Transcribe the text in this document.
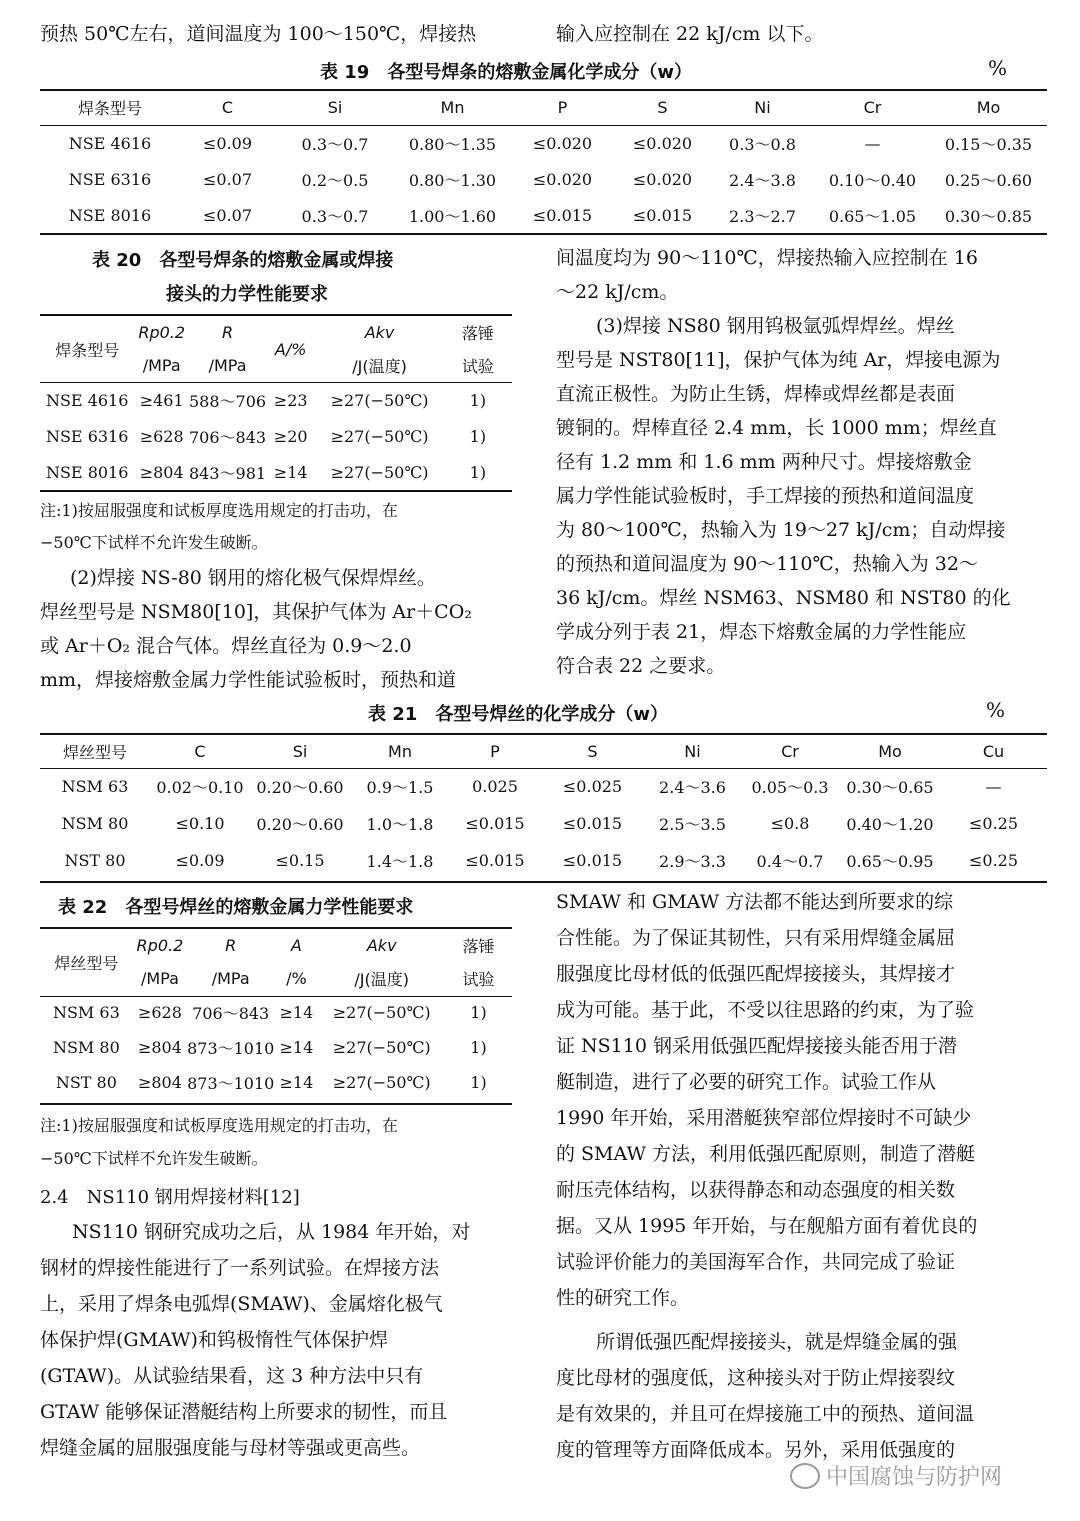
预热 50℃左右，道间温度为 100～150℃，焊接热	输入应控制在 22 kJ/cm 以下。
表 19　各型号焊条的熔敷金属化学成分（w）	%
焊条型号	C	Si	Mn	P	S	Ni	Cr	Mo
NSE 4616	≤0.09	0.3～0.7	0.80～1.35	≤0.020	≤0.020	0.3～0.8	—	0.15～0.35
NSE 6316	≤0.07	0.2～0.5	0.80～1.30	≤0.020	≤0.020	2.4～3.8	0.10～0.40	0.25～0.60
NSE 8016	≤0.07	0.3～0.7	1.00～1.60	≤0.015	≤0.015	2.3～2.7	0.65～1.05	0.30～0.85
表 20　各型号焊条的熔敷金属或焊接
接头的力学性能要求
焊条型号	Rp0.2	R	A/%	Akv	落锤
	/MPa	/MPa		/J(温度)	试验
NSE 4616	≥461	588～706	≥23	≥27(−50℃)	1)
NSE 6316	≥628	706～843	≥20	≥27(−50℃)	1)
NSE 8016	≥804	843～981	≥14	≥27(−50℃)	1)
注:1)按屈服强度和试板厚度选用规定的打击功，在
−50℃下试样不允许发生破断。
(2)焊接 NS-80 钢用的熔化极气保焊焊丝。
焊丝型号是 NSM80[10]，其保护气体为 Ar＋CO₂
或 Ar＋O₂ 混合气体。焊丝直径为 0.9～2.0
mm，焊接熔敷金属力学性能试验板时，预热和道
间温度均为 90～110℃，焊接热输入应控制在 16
～22 kJ/cm。
(3)焊接 NS80 钢用钨极氩弧焊焊丝。焊丝
型号是 NST80[11]，保护气体为纯 Ar，焊接电源为
直流正极性。为防止生锈，焊棒或焊丝都是表面
镀铜的。焊棒直径 2.4 mm，长 1000 mm；焊丝直
径有 1.2 mm 和 1.6 mm 两种尺寸。焊接熔敷金
属力学性能试验板时，手工焊接的预热和道间温度
为 80～100℃，热输入为 19～27 kJ/cm；自动焊接
的预热和道间温度为 90～110℃，热输入为 32～
36 kJ/cm。焊丝 NSM63、NSM80 和 NST80 的化
学成分列于表 21，焊态下熔敷金属的力学性能应
符合表 22 之要求。
表 21　各型号焊丝的化学成分（w）	%
焊丝型号	C	Si	Mn	P	S	Ni	Cr	Mo	Cu
NSM 63	0.02～0.10	0.20～0.60	0.9～1.5	0.025	≤0.025	2.4～3.6	0.05～0.3	0.30～0.65	—
NSM 80	≤0.10	0.20～0.60	1.0～1.8	≤0.015	≤0.015	2.5～3.5	≤0.8	0.40～1.20	≤0.25
NST 80	≤0.09	≤0.15	1.4～1.8	≤0.015	≤0.015	2.9～3.3	0.4～0.7	0.65～0.95	≤0.25
表 22　各型号焊丝的熔敷金属力学性能要求
焊丝型号	Rp0.2	R	A	Akv	落锤
	/MPa	/MPa	/%	/J(温度)	试验
NSM 63	≥628	706～843	≥14	≥27(−50℃)	1)
NSM 80	≥804	873～1010	≥14	≥27(−50℃)	1)
NST 80	≥804	873～1010	≥14	≥27(−50℃)	1)
注:1)按屈服强度和试板厚度选用规定的打击功，在
−50℃下试样不允许发生破断。
2.4　NS110 钢用焊接材料[12]
NS110 钢研究成功之后，从 1984 年开始，对
钢材的焊接性能进行了一系列试验。在焊接方法
上，采用了焊条电弧焊(SMAW)、金属熔化极气
体保护焊(GMAW)和钨极惰性气体保护焊
(GTAW)。从试验结果看，这 3 种方法中只有
GTAW 能够保证潜艇结构上所要求的韧性，而且
焊缝金属的屈服强度能与母材等强或更高些。
SMAW 和 GMAW 方法都不能达到所要求的综
合性能。为了保证其韧性，只有采用焊缝金属屈
服强度比母材低的低强匹配焊接接头，其焊接才
成为可能。基于此，不受以往思路的约束，为了验
证 NS110 钢采用低强匹配焊接接头能否用于潜
艇制造，进行了必要的研究工作。试验工作从
1990 年开始，采用潜艇狭窄部位焊接时不可缺少
的 SMAW 方法，利用低强匹配原则，制造了潜艇
耐压壳体结构，以获得静态和动态强度的相关数
据。又从 1995 年开始，与在舰船方面有着优良的
试验评价能力的美国海军合作，共同完成了验证
性的研究工作。
所谓低强匹配焊接接头，就是焊缝金属的强
度比母材的强度低，这种接头对于防止焊接裂纹
是有效果的，并且可在焊接施工中的预热、道间温
度的管理等方面降低成本。另外，采用低强度的
中国腐蚀与防护网
